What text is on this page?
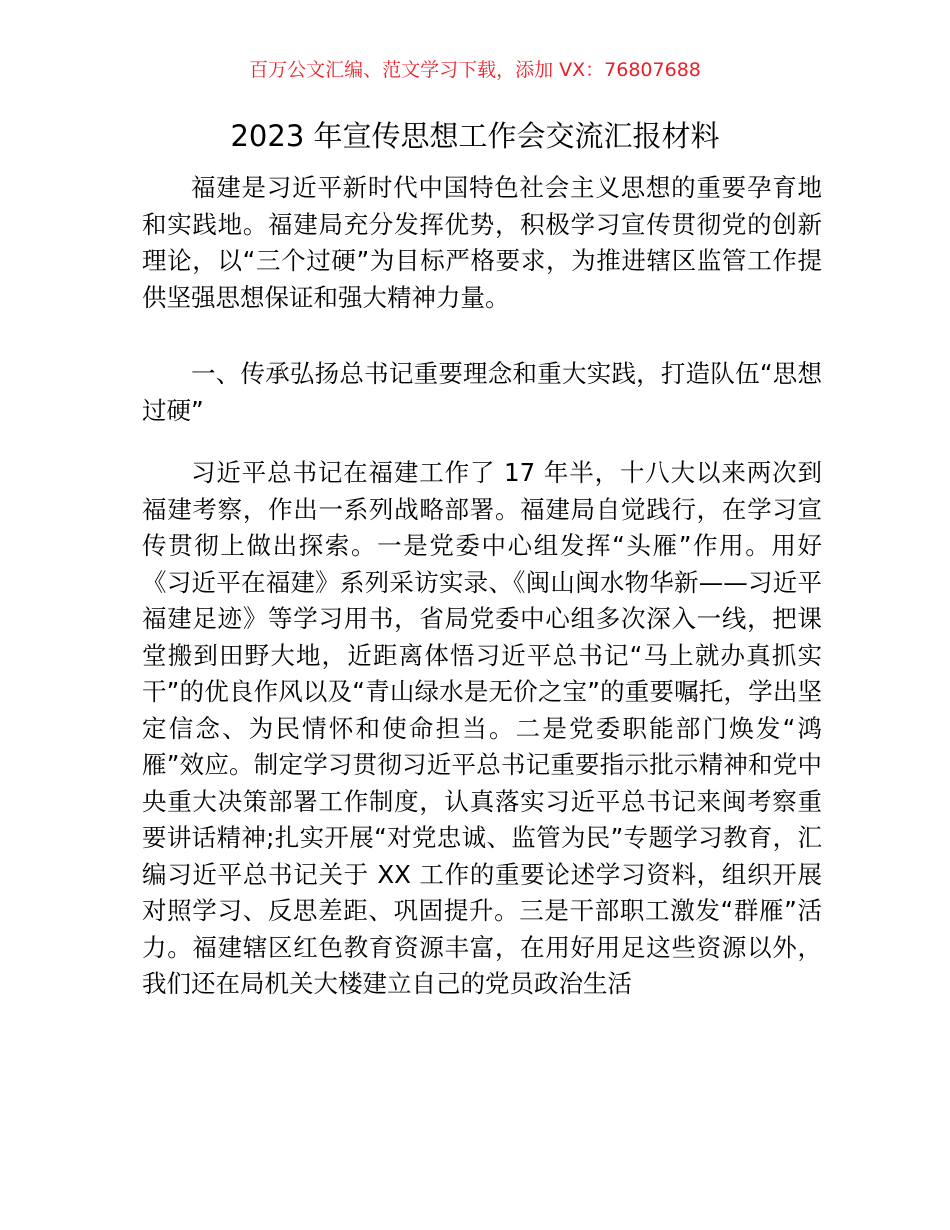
百万公文汇编、范文学习下载，添加 VX：76807688
2023 年宣传思想工作会交流汇报材料

福建是习近平新时代中国特色社会主义思想的重要孕育地和实践地。福建局充分发挥优势，积极学习宣传贯彻党的创新理论，以“三个过硬”为目标严格要求，为推进辖区监管工作提供坚强思想保证和强大精神力量。

一、传承弘扬总书记重要理念和重大实践，打造队伍“思想过硬”

习近平总书记在福建工作了 17 年半，十八大以来两次到福建考察，作出一系列战略部署。福建局自觉践行，在学习宣传贯彻上做出探索。一是党委中心组发挥“头雁”作用。用好《习近平在福建》系列采访实录、《闽山闽水物华新——习近平福建足迹》等学习用书，省局党委中心组多次深入一线，把课堂搬到田野大地，近距离体悟习近平总书记“马上就办真抓实干”的优良作风以及“青山绿水是无价之宝”的重要嘱托，学出坚定信念、为民情怀和使命担当。二是党委职能部门焕发“鸿雁”效应。制定学习贯彻习近平总书记重要指示批示精神和党中央重大决策部署工作制度，认真落实习近平总书记来闽考察重要讲话精神;扎实开展“对党忠诚、监管为民”专题学习教育，汇编习近平总书记关于 XX 工作的重要论述学习资料，组织开展对照学习、反思差距、巩固提升。三是干部职工激发“群雁”活力。福建辖区红色教育资源丰富，在用好用足这些资源以外，我们还在局机关大楼建立自己的党员政治生活
